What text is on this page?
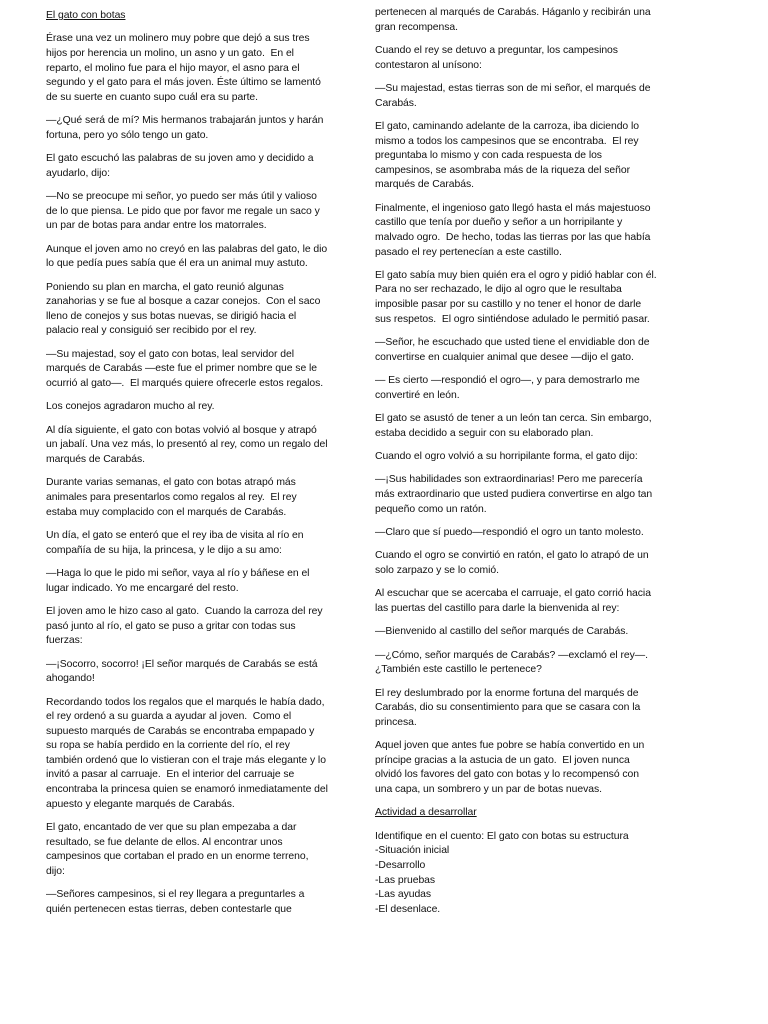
El gato con botas

Érase una vez un molinero muy pobre que dejó a sus tres hijos por herencia un molino, un asno y un gato.  En el reparto, el molino fue para el hijo mayor, el asno para el segundo y el gato para el más joven. Éste último se lamentó de su suerte en cuanto supo cuál era su parte.

—¿Qué será de mí? Mis hermanos trabajarán juntos y harán fortuna, pero yo sólo tengo un gato.

El gato escuchó las palabras de su joven amo y decidido a ayudarlo, dijo:

—No se preocupe mi señor, yo puedo ser más útil y valioso de lo que piensa. Le pido que por favor me regale un saco y un par de botas para andar entre los matorrales.

Aunque el joven amo no creyó en las palabras del gato, le dio lo que pedía pues sabía que él era un animal muy astuto.

Poniendo su plan en marcha, el gato reunió algunas zanahorias y se fue al bosque a cazar conejos.  Con el saco lleno de conejos y sus botas nuevas, se dirigió hacia el palacio real y consiguió ser recibido por el rey.

—Su majestad, soy el gato con botas, leal servidor del marqués de Carabás —este fue el primer nombre que se le ocurrió al gato—.  El marqués quiere ofrecerle estos regalos.

Los conejos agradaron mucho al rey.

Al día siguiente, el gato con botas volvió al bosque y atrapó un jabalí. Una vez más, lo presentó al rey, como un regalo del marqués de Carabás.

Durante varias semanas, el gato con botas atrapó más animales para presentarlos como regalos al rey.  El rey estaba muy complacido con el marqués de Carabás.

Un día, el gato se enteró que el rey iba de visita al río en compañía de su hija, la princesa, y le dijo a su amo:

—Haga lo que le pido mi señor, vaya al río y báñese en el lugar indicado. Yo me encargaré del resto.

El joven amo le hizo caso al gato.  Cuando la carroza del rey pasó junto al río, el gato se puso a gritar con todas sus fuerzas:

—¡Socorro, socorro! ¡El señor marqués de Carabás se está ahogando!

Recordando todos los regalos que el marqués le había dado, el rey ordenó a su guarda a ayudar al joven.  Como el supuesto marqués de Carabás se encontraba empapado y su ropa se había perdido en la corriente del río, el rey también ordenó que lo vistieran con el traje más elegante y lo invitó a pasar al carruaje.  En el interior del carruaje se encontraba la princesa quien se enamoró inmediatamente del apuesto y elegante marqués de Carabás.

El gato, encantado de ver que su plan empezaba a dar resultado, se fue delante de ellos. Al encontrar unos campesinos que cortaban el prado en un enorme terreno, dijo:

—Señores campesinos, si el rey llegara a preguntarles a quién pertenecen estas tierras, deben contestarle que

pertenecen al marqués de Carabás. Háganlo y recibirán una gran recompensa.

Cuando el rey se detuvo a preguntar, los campesinos contestaron al unísono:

—Su majestad, estas tierras son de mi señor, el marqués de Carabás.

El gato, caminando adelante de la carroza, iba diciendo lo mismo a todos los campesinos que se encontraba.  El rey preguntaba lo mismo y con cada respuesta de los campesinos, se asombraba más de la riqueza del señor marqués de Carabás.

Finalmente, el ingenioso gato llegó hasta el más majestuoso castillo que tenía por dueño y señor a un horripilante y malvado ogro.  De hecho, todas las tierras por las que había pasado el rey pertenecían a este castillo.

El gato sabía muy bien quién era el ogro y pidió hablar con él. Para no ser rechazado, le dijo al ogro que le resultaba imposible pasar por su castillo y no tener el honor de darle sus respetos.  El ogro sintiéndose adulado le permitió pasar.

—Señor, he escuchado que usted tiene el envidiable don de convertirse en cualquier animal que desee —dijo el gato.

— Es cierto —respondió el ogro—, y para demostrarlo me convertiré en león.

El gato se asustó de tener a un león tan cerca. Sin embargo, estaba decidido a seguir con su elaborado plan.

Cuando el ogro volvió a su horripilante forma, el gato dijo:

—¡Sus habilidades son extraordinarias! Pero me parecería más extraordinario que usted pudiera convertirse en algo tan pequeño como un ratón.

—Claro que sí puedo—respondió el ogro un tanto molesto.

Cuando el ogro se convirtió en ratón, el gato lo atrapó de un solo zarpazo y se lo comió.

Al escuchar que se acercaba el carruaje, el gato corrió hacia las puertas del castillo para darle la bienvenida al rey:

—Bienvenido al castillo del señor marqués de Carabás.

—¿Cómo, señor marqués de Carabás? —exclamó el rey—. ¿También este castillo le pertenece?

El rey deslumbrado por la enorme fortuna del marqués de Carabás, dio su consentimiento para que se casara con la princesa.

Aquel joven que antes fue pobre se había convertido en un príncipe gracias a la astucia de un gato.  El joven nunca olvidó los favores del gato con botas y lo recompensó con una capa, un sombrero y un par de botas nuevas.

Actividad a desarrollar

Identifique en el cuento: El gato con botas su estructura
-Situación inicial
-Desarrollo
-Las pruebas
-Las ayudas
-El desenlace.
